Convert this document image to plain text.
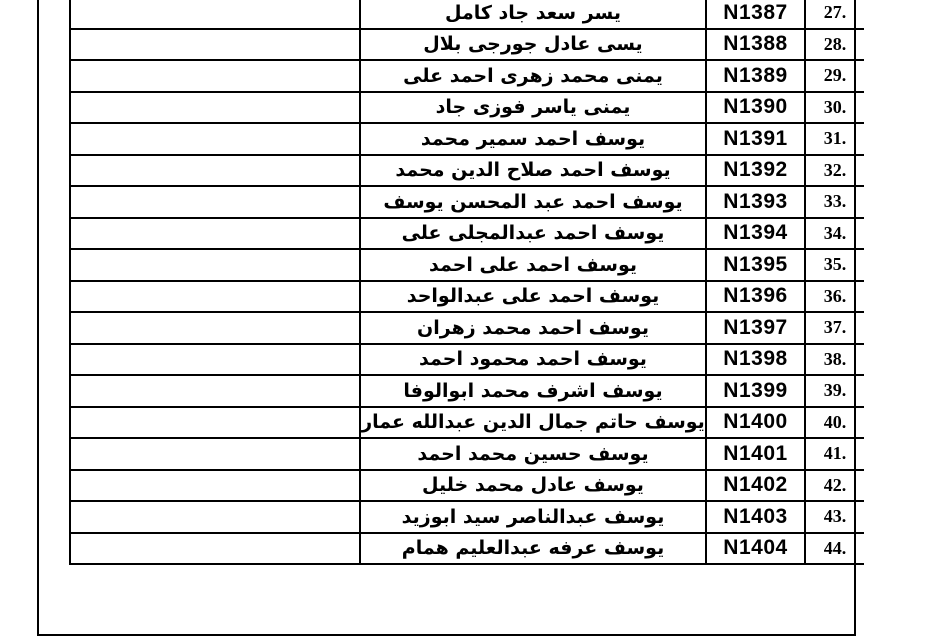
	يسر سعد جاد كامل	N1387	27.
	يسى عادل جورجى بلال	N1388	28.
	يمنى محمد زهرى احمد على	N1389	29.
	يمنى ياسر فوزى جاد	N1390	30.
	يوسف احمد سمير محمد	N1391	31.
	يوسف احمد صلاح الدين محمد	N1392	32.
	يوسف احمد عبد المحسن يوسف	N1393	33.
	يوسف احمد عبدالمجلى على	N1394	34.
	يوسف احمد على احمد	N1395	35.
	يوسف احمد على عبدالواحد	N1396	36.
	يوسف احمد محمد زهران	N1397	37.
	يوسف احمد محمود احمد	N1398	38.
	يوسف اشرف محمد ابوالوفا	N1399	39.
	يوسف حاتم جمال الدين عبدالله عمار	N1400	40.
	يوسف حسين محمد احمد	N1401	41.
	يوسف عادل محمد خليل	N1402	42.
	يوسف عبدالناصر سيد ابوزيد	N1403	43.
	يوسف عرفه عبدالعليم همام	N1404	44.
